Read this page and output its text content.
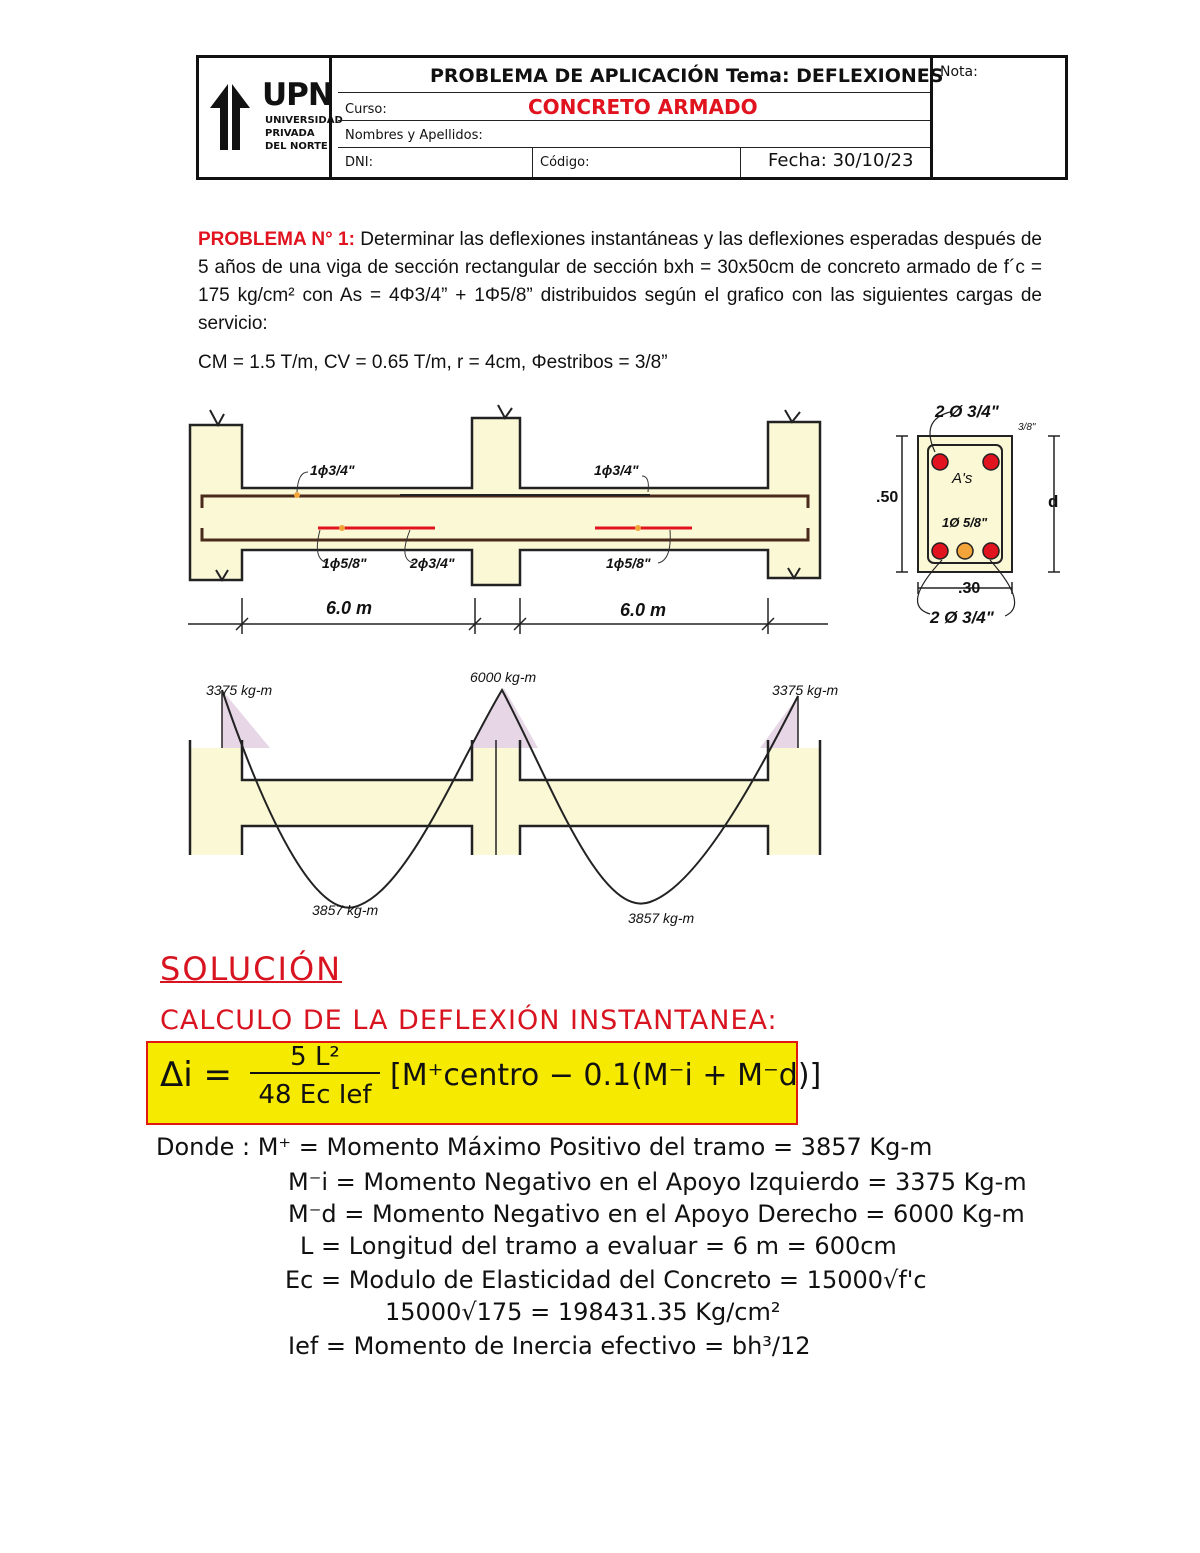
UPN
UNIVERSIDAD
PRIVADA
DEL NORTE
PROBLEMA DE APLICACIÓN Tema: DEFLEXIONES
Curso:	CONCRETO ARMADO
Nombres y Apellidos:
DNI:	Código:	Fecha: 30/10/23
Nota:
PROBLEMA N° 1: Determinar las deflexiones instantáneas y las deflexiones esperadas después de 5 años de una viga de sección rectangular de sección bxh = 30x50cm de concreto armado de f´c = 175 kg/cm² con As = 4Φ3/4” + 1Φ5/8” distribuidos según el grafico con las siguientes cargas de servicio:
CM = 1.5 T/m, CV = 0.65 T/m, r = 4cm, Φestribos = 3/8”
1ϕ3/4"	1ϕ3/4"
1ϕ5/8"	2ϕ3/4"	1ϕ5/8"
6.0 m	6.0 m
2 Ø 3/4"
3/8"
A's
1Ø 5/8"
.50	d
.30
2 Ø 3/4"
3375 kg-m
6000 kg-m
3375 kg-m
3857 kg-m	3857 kg-m
SOLUCIÓN
CALCULO DE LA DEFLEXIÓN INSTANTANEA:
Δi =	5 L²
48 Ec Ief
[M⁺centro − 0.1(M⁻i + M⁻d)]
Donde : M⁺ = Momento Máximo Positivo del tramo = 3857 Kg-m
M⁻i = Momento Negativo en el Apoyo Izquierdo = 3375 Kg-m
M⁻d = Momento Negativo en el Apoyo Derecho = 6000 Kg-m
L = Longitud del tramo a evaluar = 6 m = 600cm
Ec = Modulo de Elasticidad del Concreto = 15000√f'c
15000√175 = 198431.35 Kg/cm²
Ief = Momento de Inercia efectivo = bh³/12
